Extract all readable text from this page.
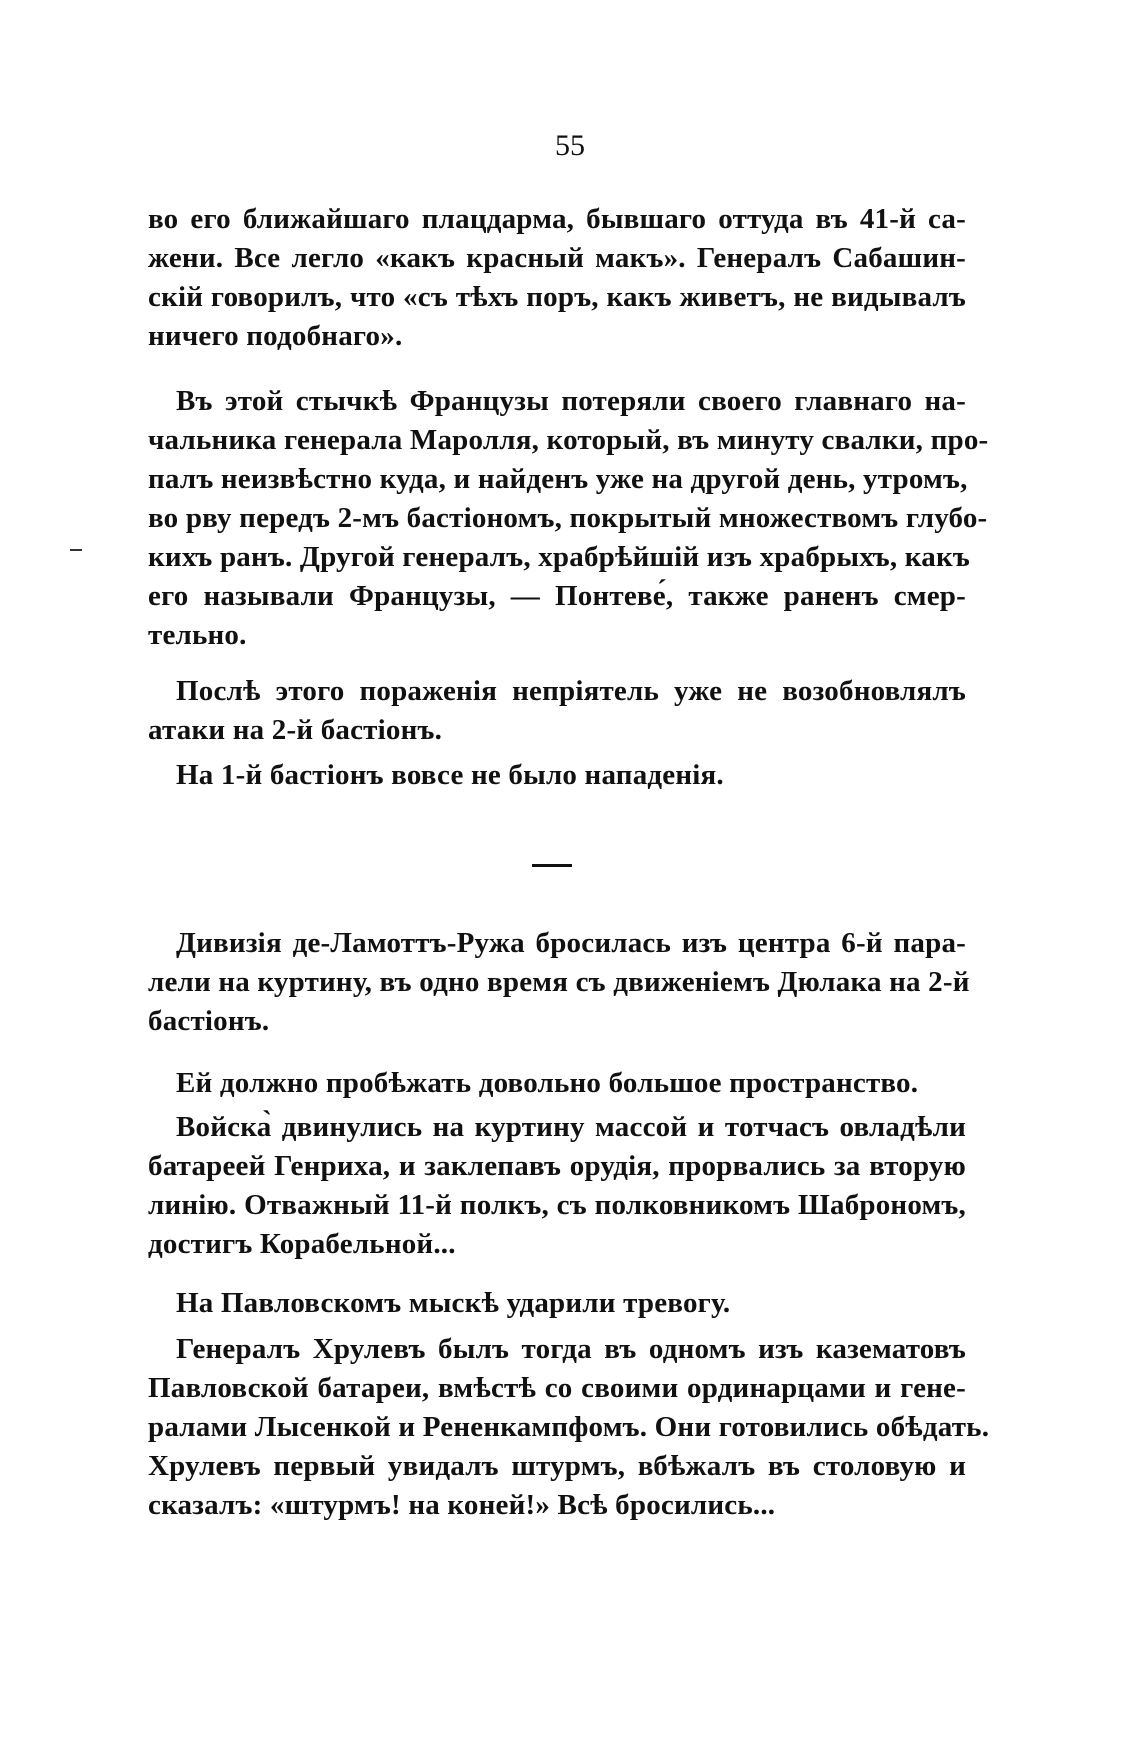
55
во его ближайшаго плацдарма, бывшаго оттуда въ 41-й са-
жени. Все легло «какъ красный макъ». Генералъ Сабашин-
скій говорилъ, что «съ тѣхъ поръ, какъ живетъ, не видывалъ
ничего подобнаго».
Въ этой стычкѣ Французы потеряли своего главнаго на-
чальника генерала Маролля, который, въ минуту свалки, про-
палъ неизвѣстно куда, и найденъ уже на другой день, утромъ,
во рву передъ 2-мъ бастіономъ, покрытый множествомъ глубо-
кихъ ранъ. Другой генералъ, храбрѣйшій изъ храбрыхъ, какъ
его называли Французы, — Понтеве́, также раненъ смер-
тельно.
Послѣ этого пораженія непріятель уже не возобновлялъ
атаки на 2-й бастіонъ.
На 1-й бастіонъ вовсе не было нападенія.
Дивизія де-Ламоттъ-Ружа бросилась изъ центра 6-й пара-
лели на куртину, въ одно время съ движеніемъ Дюлака на 2-й
бастіонъ.
Ей должно пробѣжать довольно большое пространство.
Войска̀ двинулись на куртину массой и тотчасъ овладѣли
батареей Генриха, и заклепавъ орудія, прорвались за вторую
линію. Отважный 11-й полкъ, съ полковникомъ Шаброномъ,
достигъ Корабельной...
На Павловскомъ мыскѣ ударили тревогу.
Генералъ Хрулевъ былъ тогда въ одномъ изъ казематовъ
Павловской батареи, вмѣстѣ со своими ординарцами и гене-
ралами Лысенкой и Рененкампфомъ. Они готовились обѣдать.
Хрулевъ первый увидалъ штурмъ, вбѣжалъ въ столовую и
сказалъ: «штурмъ! на коней!» Всѣ бросились...
